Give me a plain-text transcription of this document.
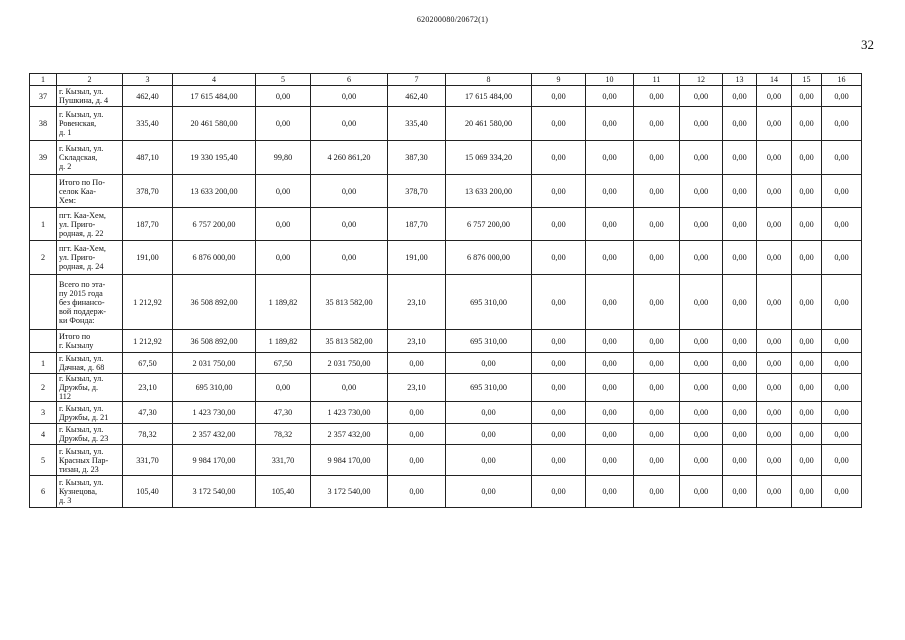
620200080/20672(1)
32
1	2	3	4	5	6	7	8	9	10	11	12	13	14	15	16
37	г. Кызыл, ул.
Пушкина, д. 4	462,40	17 615 484,00	0,00	0,00	462,40	17 615 484,00	0,00	0,00	0,00	0,00	0,00	0,00	0,00	0,00
38	г. Кызыл, ул.
Ровенская,
д. 1	335,40	20 461 580,00	0,00	0,00	335,40	20 461 580,00	0,00	0,00	0,00	0,00	0,00	0,00	0,00	0,00
39	г. Кызыл, ул.
Складская,
д. 2	487,10	19 330 195,40	99,80	4 260 861,20	387,30	15 069 334,20	0,00	0,00	0,00	0,00	0,00	0,00	0,00	0,00
	Итого по По-
селок Каа-
Хем:	378,70	13 633 200,00	0,00	0,00	378,70	13 633 200,00	0,00	0,00	0,00	0,00	0,00	0,00	0,00	0,00
1	пгт. Каа-Хем,
ул. Приго-
родная, д. 22	187,70	6 757 200,00	0,00	0,00	187,70	6 757 200,00	0,00	0,00	0,00	0,00	0,00	0,00	0,00	0,00
2	пгт. Каа-Хем,
ул. Приго-
родная, д. 24	191,00	6 876 000,00	0,00	0,00	191,00	6 876 000,00	0,00	0,00	0,00	0,00	0,00	0,00	0,00	0,00
	Всего по эта-
пу 2015 года
без финансо-
вой поддерж-
ки Фонда:	1 212,92	36 508 892,00	1 189,82	35 813 582,00	23,10	695 310,00	0,00	0,00	0,00	0,00	0,00	0,00	0,00	0,00
	Итого по
г. Кызылу	1 212,92	36 508 892,00	1 189,82	35 813 582,00	23,10	695 310,00	0,00	0,00	0,00	0,00	0,00	0,00	0,00	0,00
1	г. Кызыл, ул.
Дачная, д. 68	67,50	2 031 750,00	67,50	2 031 750,00	0,00	0,00	0,00	0,00	0,00	0,00	0,00	0,00	0,00	0,00
2	г. Кызыл, ул.
Дружбы, д.
112	23,10	695 310,00	0,00	0,00	23,10	695 310,00	0,00	0,00	0,00	0,00	0,00	0,00	0,00	0,00
3	г. Кызыл, ул.
Дружбы, д. 21	47,30	1 423 730,00	47,30	1 423 730,00	0,00	0,00	0,00	0,00	0,00	0,00	0,00	0,00	0,00	0,00
4	г. Кызыл, ул.
Дружбы, д. 23	78,32	2 357 432,00	78,32	2 357 432,00	0,00	0,00	0,00	0,00	0,00	0,00	0,00	0,00	0,00	0,00
5	г. Кызыл, ул.
Красных Пар-
тизан, д. 23	331,70	9 984 170,00	331,70	9 984 170,00	0,00	0,00	0,00	0,00	0,00	0,00	0,00	0,00	0,00	0,00
6	г. Кызыл, ул.
Кузнецова,
д. 3	105,40	3 172 540,00	105,40	3 172 540,00	0,00	0,00	0,00	0,00	0,00	0,00	0,00	0,00	0,00	0,00
